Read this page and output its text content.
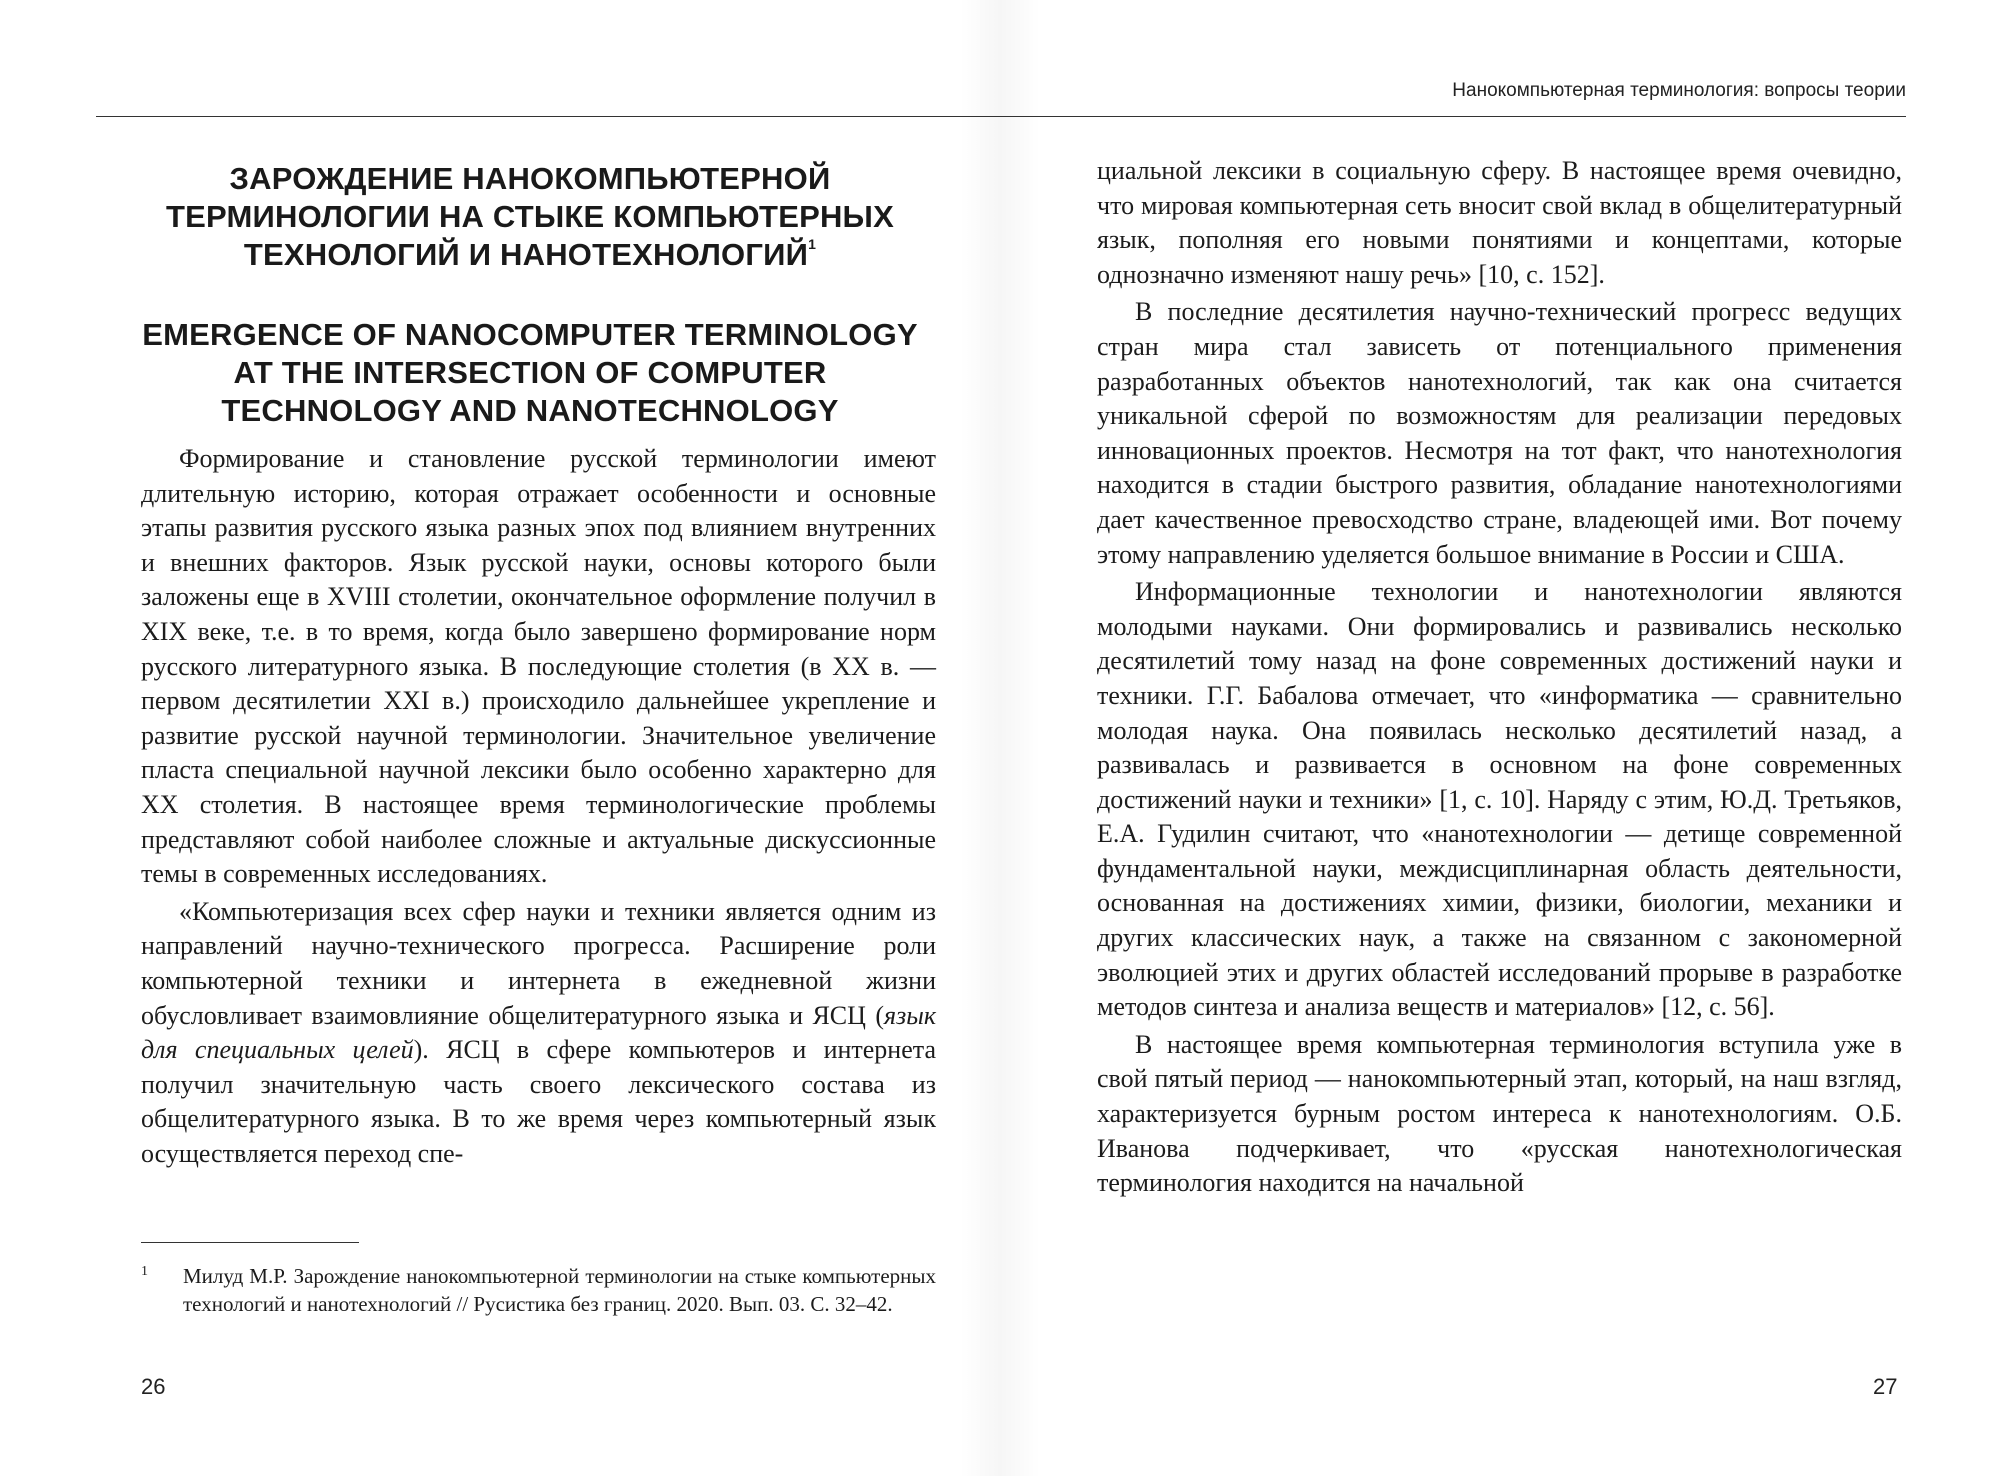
ЗАРОЖДЕНИЕ НАНОКОМПЬЮТЕРНОЙ ТЕРМИНОЛОГИИ НА СТЫКЕ КОМПЬЮТЕРНЫХ ТЕХНОЛОГИЙ И НАНОТЕХНОЛОГИЙ$^1$
EMERGENCE OF NANOCOMPUTER TERMINOLOGY AT THE INTERSECTION OF COMPUTER TECHNOLOGY AND NANOTECHNOLOGY

Формирование и становление русской терминологии имеют длительную историю, которая отражает особенности и основные этапы развития русского языка разных эпох под влиянием внутренних и внешних факторов. Язык русской науки, основы которого были заложены еще в XVIII столетии, окончательное оформление получил в XIX веке, т.е. в то время, когда было завершено формирование норм русского литературного языка. В последующие столетия (в XX в. — первом десятилетии XXI в.) происходило дальнейшее укрепление и развитие русской научной терминологии. Значительное увеличение пласта специальной научной лексики было особенно характерно для XX столетия. В настоящее время терминологические проблемы представляют собой наиболее сложные и актуальные дискуссионные темы в современных исследованиях.

«Компьютеризация всех сфер науки и техники является одним из направлений научно-технического прогресса. Расширение роли компьютерной техники и интернета в ежедневной жизни обусловливает взаимовлияние общелитературного языка и ЯСЦ (язык для специальных целей). ЯСЦ в сфере компьютеров и интернета получил значительную часть своего лексического состава из общелитературного языка. В то же время через компьютерный язык осуществляется переход спе-

1	Милуд М.Р. Зарождение нанокомпьютерной терминологии на стыке компьютерных технологий и нанотехнологий // Русистика без границ. 2020. Вып. 03. С. 32–42.
26
Нанокомпьютерная терминология: вопросы теории

циальной лексики в социальную сферу. В настоящее время очевидно, что мировая компьютерная сеть вносит свой вклад в общелитературный язык, пополняя его новыми понятиями и концептами, которые однозначно изменяют нашу речь» [10, с. 152].

В последние десятилетия научно-технический прогресс ведущих стран мира стал зависеть от потенциального применения разработанных объектов нанотехнологий, так как она считается уникальной сферой по возможностям для реализации передовых инновационных проектов. Несмотря на тот факт, что нанотехнология находится в стадии быстрого развития, обладание нанотехнологиями дает качественное превосходство стране, владеющей ими. Вот почему этому направлению уделяется большое внимание в России и США.

Информационные технологии и нанотехнологии являются молодыми науками. Они формировались и развивались несколько десятилетий тому назад на фоне современных достижений науки и техники. Г.Г. Бабалова отмечает, что «информатика — сравнительно молодая наука. Она появилась несколько десятилетий назад, а развивалась и развивается в основном на фоне современных достижений науки и техники» [1, с. 10]. Наряду с этим, Ю.Д. Третьяков, Е.А. Гудилин считают, что «нанотехнологии — детище современной фундаментальной науки, междисциплинарная область деятельности, основанная на достижениях химии, физики, биологии, механики и других классических наук, а также на связанном с закономерной эволюцией этих и других областей исследований прорыве в разработке методов синтеза и анализа веществ и материалов» [12, с. 56].

В настоящее время компьютерная терминология вступила уже в свой пятый период — нанокомпьютерный этап, который, на наш взгляд, характеризуется бурным ростом интереса к нанотехнологиям. О.Б. Иванова подчеркивает, что «русская нанотехнологическая терминология находится на начальной

27
